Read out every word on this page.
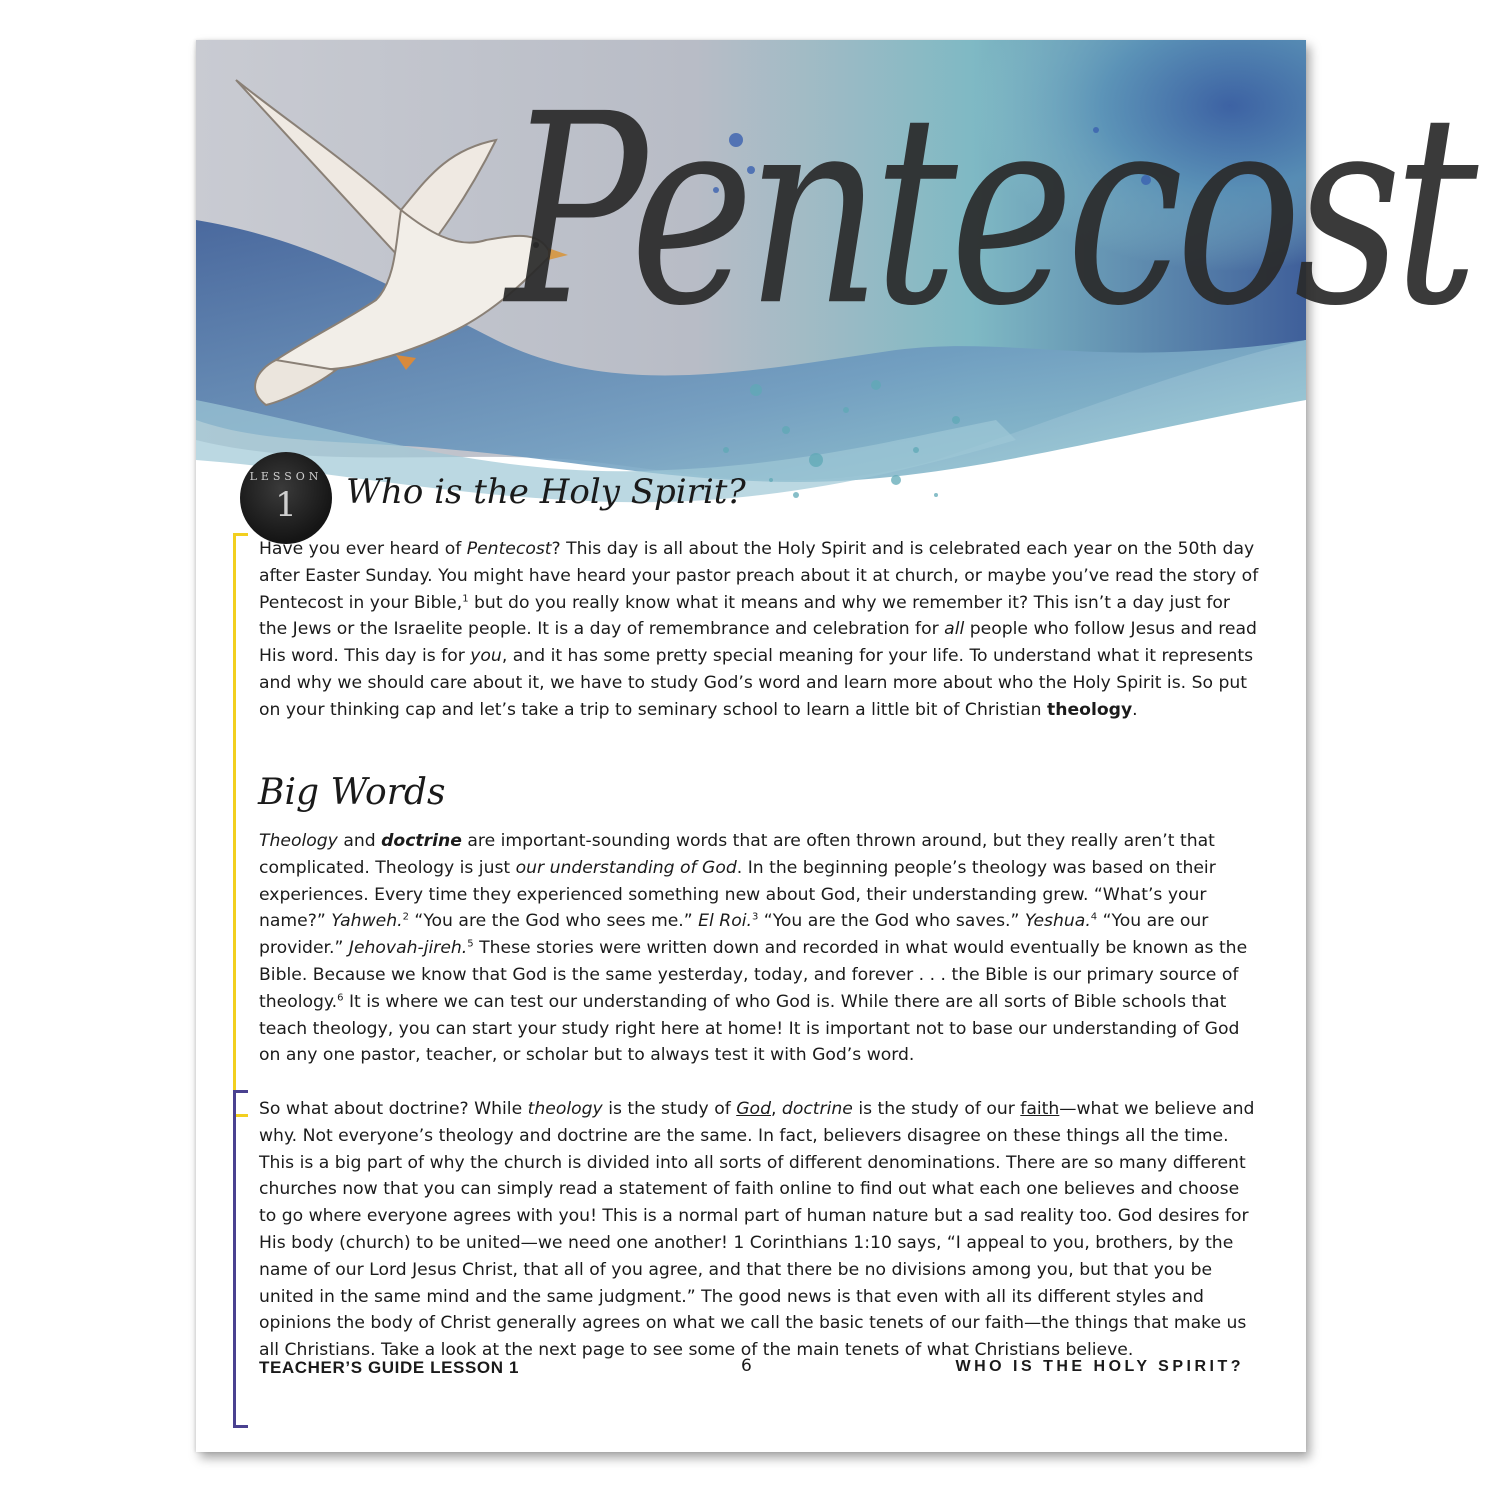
Pentecost
LESSON
1	Who is the Holy Spirit?

Have you ever heard of Pentecost? This day is all about the Holy Spirit and is celebrated each year on the 50th day after Easter Sunday. You might have heard your pastor preach about it at church, or maybe you’ve read the story of Pentecost in your Bible,$^1$ but do you really know what it means and why we remember it? This isn’t a day just for the Jews or the Israelite people. It is a day of remembrance and celebration for all people who follow Jesus and read His word. This day is for you, and it has some pretty special meaning for your life. To understand what it represents and why we should care about it, we have to study God’s word and learn more about who the Holy Spirit is. So put on your thinking cap and let’s take a trip to seminary school to learn a little bit of Christian theology.

Big Words

Theology and doctrine are important-sounding words that are often thrown around, but they really aren’t that complicated. Theology is just our understanding of God. In the beginning people’s theology was based on their experiences. Every time they experienced something new about God, their understanding grew. “What’s your name?” Yahweh.$^2$ “You are the God who sees me.” El Roi.$^3$ “You are the God who saves.” Yeshua.$^4$ “You are our provider.” Jehovah-jireh.$^5$ These stories were written down and recorded in what would eventually be known as the Bible. Because we know that God is the same yesterday, today, and forever . . . the Bible is our primary source of theology.$^6$ It is where we can test our understanding of who God is. While there are all sorts of Bible schools that teach theology, you can start your study right here at home! It is important not to base our understanding of God on any one pastor, teacher, or scholar but to always test it with God’s word.

So what about doctrine? While theology is the study of God, doctrine is the study of our faith—what we believe and why. Not everyone’s theology and doctrine are the same. In fact, believers disagree on these things all the time. This is a big part of why the church is divided into all sorts of different denominations. There are so many different churches now that you can simply read a statement of faith online to find out what each one believes and choose to go where everyone agrees with you! This is a normal part of human nature but a sad reality too. God desires for His body (church) to be united—we need one another! 1 Corinthians 1:10 says, “I appeal to you, brothers, by the name of our Lord Jesus Christ, that all of you agree, and that there be no divisions among you, but that you be united in the same mind and the same judgment.” The good news is that even with all its different styles and opinions the body of Christ generally agrees on what we call the basic tenets of our faith—the things that make us all Christians. Take a look at the next page to see some of the main tenets of what Christians believe.

TEACHER’S GUIDE LESSON 1	6	WHO IS THE HOLY SPIRIT?
